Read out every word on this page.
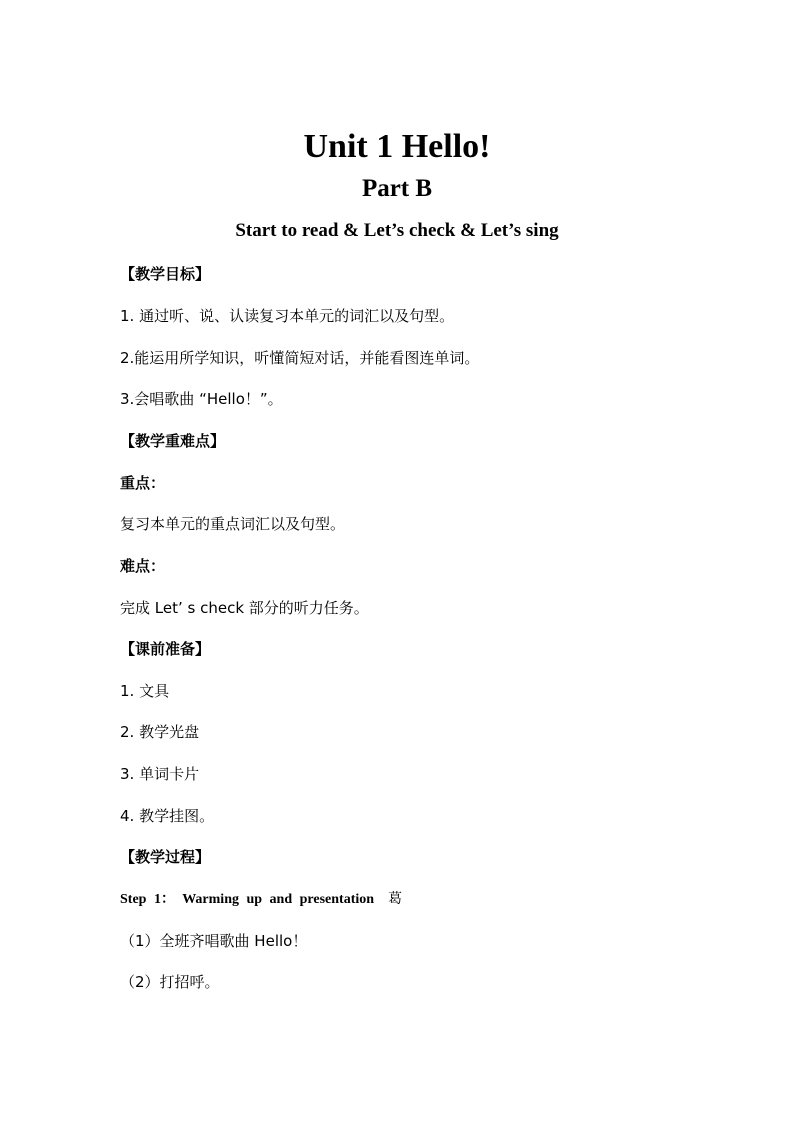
Unit 1 Hello!
Part B
Start to read & Let’s check & Let’s sing
【教学目标】
1. 通过听、说、认读复习本单元的词汇以及句型。
2.能运用所学知识，听懂简短对话，并能看图连单词。
3.会唱歌曲 “Hello！”。
【教学重难点】
重点：
复习本单元的重点词汇以及句型。
难点：
完成 Let’ s check 部分的听力任务。
【课前准备】
1. 文具
2. 教学光盘
3. 单词卡片
4. 教学挂图。
【教学过程】
Step 1： Warming up and presentation 葛
（1）全班齐唱歌曲 Hello！
（2）打招呼。
